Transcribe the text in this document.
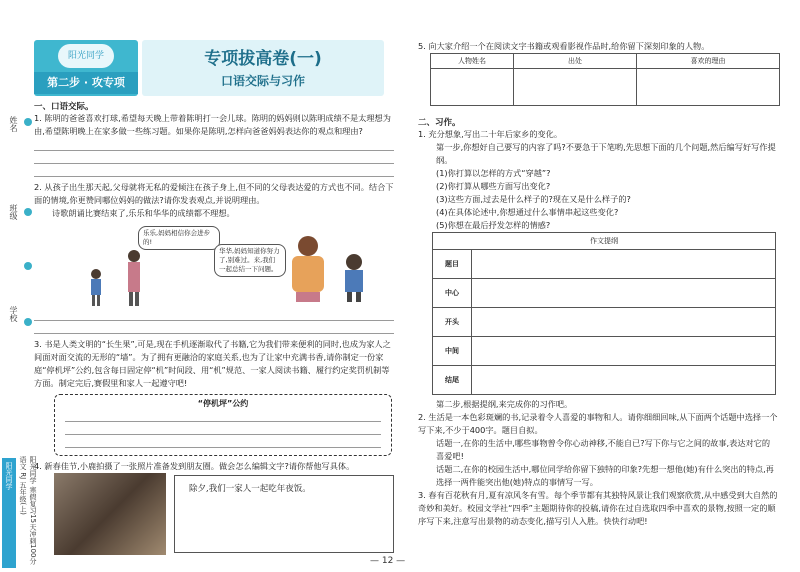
姓名
班级
学校
阳光同学	阳光同学 寒假复习15天冲刺100分 语文 RJ 五年级(上)
阳光同学
第二步 · 攻专项
专项拔高卷(一)
口语交际与习作
一、口语交际。
1. 陈明的爸爸喜欢打球,希望每天晚上带着陈明打一会儿球。陈明的妈妈则以陈明成绩不是太理想为由,希望陈明晚上在家多做一些练习题。如果你是陈明,怎样向爸爸妈妈表达你的观点和理由?
2. 从孩子出生那天起,父母就将无私的爱倾注在孩子身上,但不同的父母表达爱的方式也不同。结合下面的情境,你更赞同哪位妈妈的做法?请你发表观点,并说明理由。
诗歌朗诵比赛结束了,乐乐和华华的成绩都不理想。
乐乐,妈妈相信你会进步的!
华华,妈妈知道你努力了,别难过。来,我们一起总结一下问题。
3. 书是人类文明的“长生果”,可是,现在手机逐渐取代了书籍,它为我们带来便利的同时,也成为家人之间面对面交流的无形的“墙”。为了拥有更融洽的家庭关系,也为了让家中充满书香,请你制定一份家庭“停机坪”公约,包含每日固定停“机”时间段、用“机”规范、一家人阅读书籍、履行约定奖罚机制等方面。制定完后,赛假里和家人一起遵守吧!
“停机坪”公约
4. 新春佳节,小鹿拍摄了一张照片准备发到朋友圈。做会怎么编辑文字?请你帮他写具体。
除夕,我们一家人一起吃年夜饭。
5. 向大家介绍一个在阅读文字书籍或观看影视作品时,给你留下深刻印象的人物。
人物姓名	出处	喜欢的理由

二、习作。
1. 充分想象,写出二十年后家乡的变化。
第一步,你想好自己要写的内容了吗?不要急于下笔哟,先思想下面的几个问题,然后编写好写作提纲。
(1)你打算以怎样的方式“穿越”?
(2)你打算从哪些方面写出变化?
(3)这些方面,过去是什么样子的?现在又是什么样子的?
(4)在具体论述中,你想通过什么事情串起这些变化?
(5)你想在最后抒发怎样的情感?
作文提纲	
题目	
中心	
开头	
中间	
结尾	
第二步,根据提纲,来完成你的习作吧。
2. 生活是一本色彩斑斓的书,记录着令人喜爱的事物和人。请你细细回味,从下面两个话题中选择一个写下来,不少于400字。题目自拟。
话题一,在你的生活中,哪些事物曾令你心动神移,不能自已?写下你与它之间的故事,表达对它的喜爱吧!
话题二,在你的校园生活中,哪位同学给你留下独特的印象?先想一想他(她)有什么突出的特点,再选择一两件能突出他(她)特点的事情写一写。
3. 春有百花秋有月,夏有凉风冬有雪。每个季节都有其独特风景让我们观察欣赏,从中感受到大自然的奇妙和美好。校园文学社“四季”主题期待你的投稿,请你在过自选取四季中喜欢的景物,按照一定的顺序写下来,注意写出景物的动态变化,描写引人入胜。快快行动吧!
— 12 —
